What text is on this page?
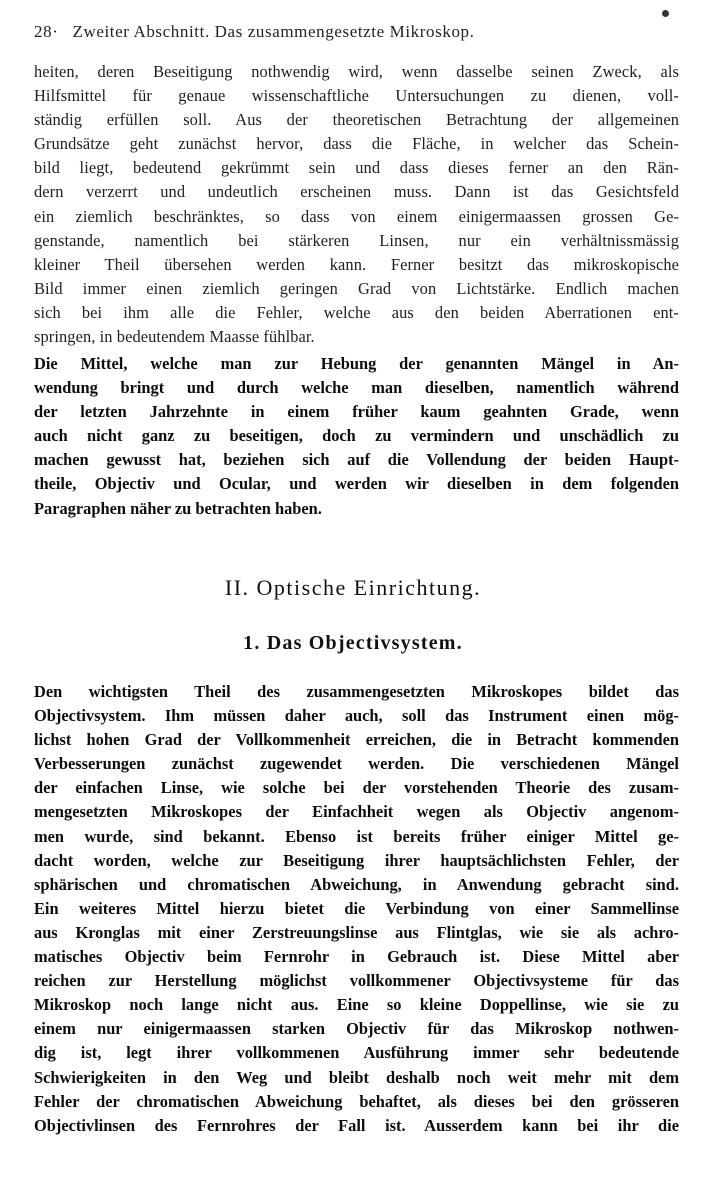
28· Zweiter Abschnitt. Das zusammengesetzte Mikroskop.
heiten, deren Beseitigung nothwendig wird, wenn dasselbe seinen Zweck, als
Hilfsmittel für genaue wissenschaftliche Untersuchungen zu dienen, voll-
ständig erfüllen soll. Aus der theoretischen Betrachtung der allgemeinen
Grundsätze geht zunächst hervor, dass die Fläche, in welcher das Schein-
bild liegt, bedeutend gekrümmt sein und dass dieses ferner an den Rän-
dern verzerrt und undeutlich erscheinen muss. Dann ist das Gesichtsfeld
ein ziemlich beschränktes, so dass von einem einigermaassen grossen Ge-
genstande, namentlich bei stärkeren Linsen, nur ein verhältnissmässig
kleiner Theil übersehen werden kann. Ferner besitzt das mikroskopische
Bild immer einen ziemlich geringen Grad von Lichtstärke. Endlich machen
sich bei ihm alle die Fehler, welche aus den beiden Aberrationen ent-
springen, in bedeutendem Maasse fühlbar.
Die Mittel, welche man zur Hebung der genannten Mängel in An-
wendung bringt und durch welche man dieselben, namentlich während
der letzten Jahrzehnte in einem früher kaum geahnten Grade, wenn
auch nicht ganz zu beseitigen, doch zu vermindern und unschädlich zu
machen gewusst hat, beziehen sich auf die Vollendung der beiden Haupt-
theile, Objectiv und Ocular, und werden wir dieselben in dem folgenden
Paragraphen näher zu betrachten haben.
II. Optische Einrichtung.
1. Das Objectivsystem.
Den wichtigsten Theil des zusammengesetzten Mikroskopes bildet das
Objectivsystem. Ihm müssen daher auch, soll das Instrument einen mög-
lichst hohen Grad der Vollkommenheit erreichen, die in Betracht kommenden
Verbesserungen zunächst zugewendet werden. Die verschiedenen Mängel
der einfachen Linse, wie solche bei der vorstehenden Theorie des zusam-
mengesetzten Mikroskopes der Einfachheit wegen als Objectiv angenom-
men wurde, sind bekannt. Ebenso ist bereits früher einiger Mittel ge-
dacht worden, welche zur Beseitigung ihrer hauptsächlichsten Fehler, der
sphärischen und chromatischen Abweichung, in Anwendung gebracht sind.
Ein weiteres Mittel hierzu bietet die Verbindung von einer Sammellinse
aus Kronglas mit einer Zerstreuungslinse aus Flintglas, wie sie als achro-
matisches Objectiv beim Fernrohr in Gebrauch ist. Diese Mittel aber
reichen zur Herstellung möglichst vollkommener Objectivsysteme für das
Mikroskop noch lange nicht aus. Eine so kleine Doppellinse, wie sie zu
einem nur einigermaassen starken Objectiv für das Mikroskop nothwen-
dig ist, legt ihrer vollkommenen Ausführung immer sehr bedeutende
Schwierigkeiten in den Weg und bleibt deshalb noch weit mehr mit dem
Fehler der chromatischen Abweichung behaftet, als dieses bei den grösseren
Objectivlinsen des Fernrohres der Fall ist. Ausserdem kann bei ihr die
